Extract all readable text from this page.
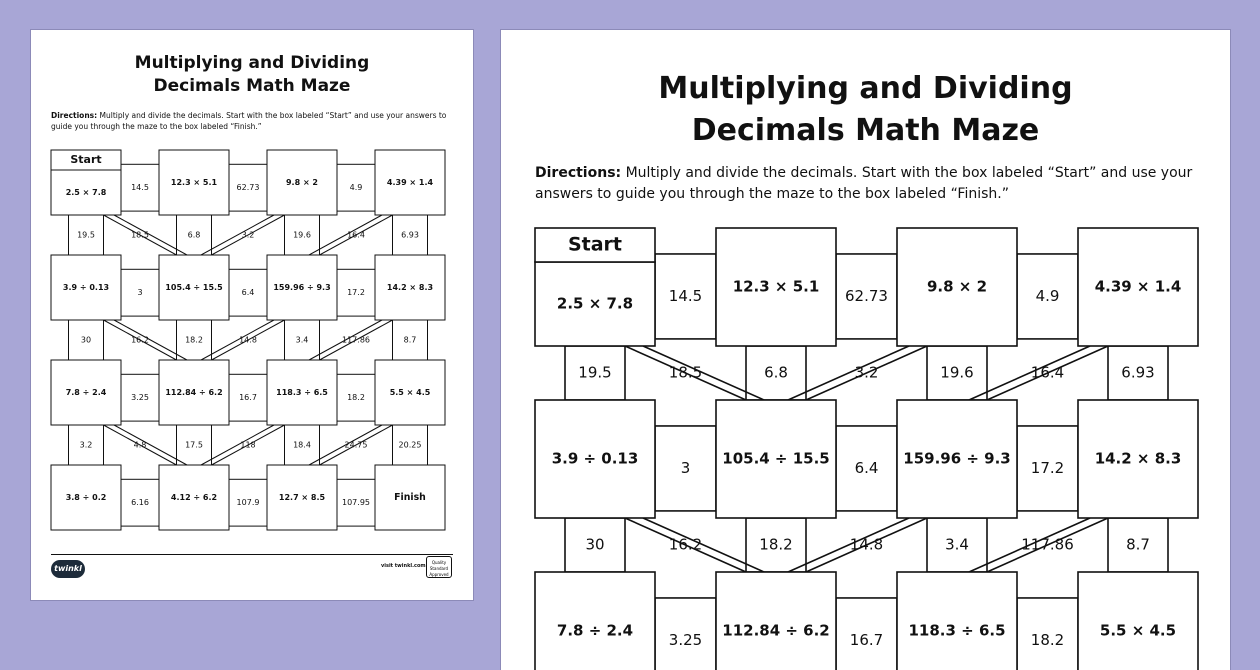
Multiplying and Dividing
Decimals Math Maze
Directions: Multiply and divide the decimals. Start with the box labeled “Start” and use your answers to guide you through the maze to the box labeled “Finish.”
2.5 × 7.8
12.3 × 5.1	9.8 × 2	4.39 × 1.4
3.9 ÷ 0.13	105.4 ÷ 15.5	159.96 ÷ 9.3	14.2 × 8.3
7.8 ÷ 2.4	112.84 ÷ 6.2	118.3 ÷ 6.5	5.5 × 4.5
3.8 ÷ 0.2	4.12 ÷ 6.2	12.7 × 8.5	Finish
Start
14.5	62.73	4.9
3	6.4	17.2
3.25	16.7	18.2
6.16	107.9	107.95
19.5	6.8	19.6	6.93
18.5	3.2	16.4
30	18.2	3.4	8.7
16.2	14.8	117.86
3.2	17.5	18.4	20.25
4.8	118	24.75
twinkl	visit twinkl.com
Quality Standard Approved
Multiplying and Dividing
Decimals Math Maze
Directions: Multiply and divide the decimals. Start with the box labeled “Start” and use your answers to guide you through the maze to the box labeled “Finish.”
2.5 × 7.8
12.3 × 5.1	9.8 × 2	4.39 × 1.4
3.9 ÷ 0.13	105.4 ÷ 15.5	159.96 ÷ 9.3	14.2 × 8.3
7.8 ÷ 2.4	112.84 ÷ 6.2	118.3 ÷ 6.5	5.5 × 4.5
Start
14.5	62.73	4.9
3	6.4	17.2
3.25	16.7	18.2
19.5	6.8	19.6	6.93
18.5	3.2	16.4
30	18.2	3.4	8.7
16.2	14.8	117.86
